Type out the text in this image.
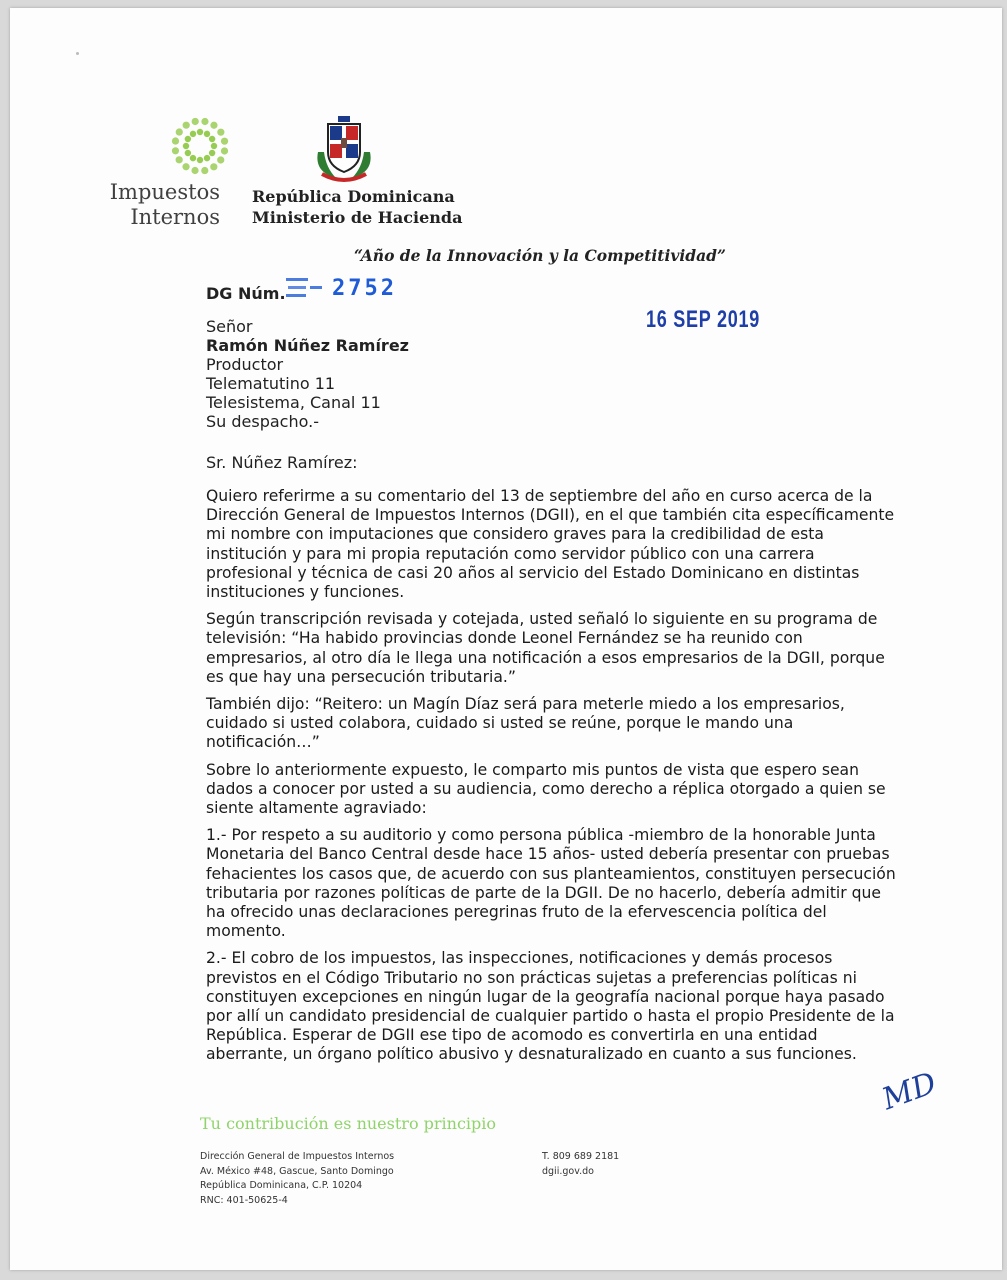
Impuestos
Internos
República Dominicana
Ministerio de Hacienda
“Año de la Innovación y la Competitividad”
DG Núm. 2752
16 SEP 2019
Señor
Ramón Núñez Ramírez
Productor
Telematutino 11
Telesistema, Canal 11
Su despacho.-
Sr. Núñez Ramírez:

Quiero referirme a su comentario del 13 de septiembre del año en curso acerca de la Dirección General de Impuestos Internos (DGII), en el que también cita específicamente mi nombre con imputaciones que considero graves para la credibilidad de esta institución y para mi propia reputación como servidor público con una carrera profesional y técnica de casi 20 años al servicio del Estado Dominicano en distintas instituciones y funciones.

Según transcripción revisada y cotejada, usted señaló lo siguiente en su programa de televisión: “Ha habido provincias donde Leonel Fernández se ha reunido con empresarios, al otro día le llega una notificación a esos empresarios de la DGII, porque es que hay una persecución tributaria.”

También dijo: “Reitero: un Magín Díaz será para meterle miedo a los empresarios, cuidado si usted colabora, cuidado si usted se reúne, porque le mando una notificación…”

Sobre lo anteriormente expuesto, le comparto mis puntos de vista que espero sean dados a conocer por usted a su audiencia, como derecho a réplica otorgado a quien se siente altamente agraviado:

1.- Por respeto a su auditorio y como persona pública -miembro de la honorable Junta Monetaria del Banco Central desde hace 15 años- usted debería presentar con pruebas fehacientes los casos que, de acuerdo con sus planteamientos, constituyen persecución tributaria por razones políticas de parte de la DGII. De no hacerlo, debería admitir que ha ofrecido unas declaraciones peregrinas fruto de la efervescencia política del momento.

2.- El cobro de los impuestos, las inspecciones, notificaciones y demás procesos previstos en el Código Tributario no son prácticas sujetas a preferencias políticas ni constituyen excepciones en ningún lugar de la geografía nacional porque haya pasado por allí un candidato presidencial de cualquier partido o hasta el propio Presidente de la República. Esperar de DGII ese tipo de acomodo es convertirla en una entidad aberrante, un órgano político abusivo y desnaturalizado en cuanto a sus funciones.

MD
Tu contribución es nuestro principio
Dirección General de Impuestos Internos
Av. México #48, Gascue, Santo Domingo
República Dominicana, C.P. 10204
RNC: 401-50625-4
T. 809 689 2181
dgii.gov.do
